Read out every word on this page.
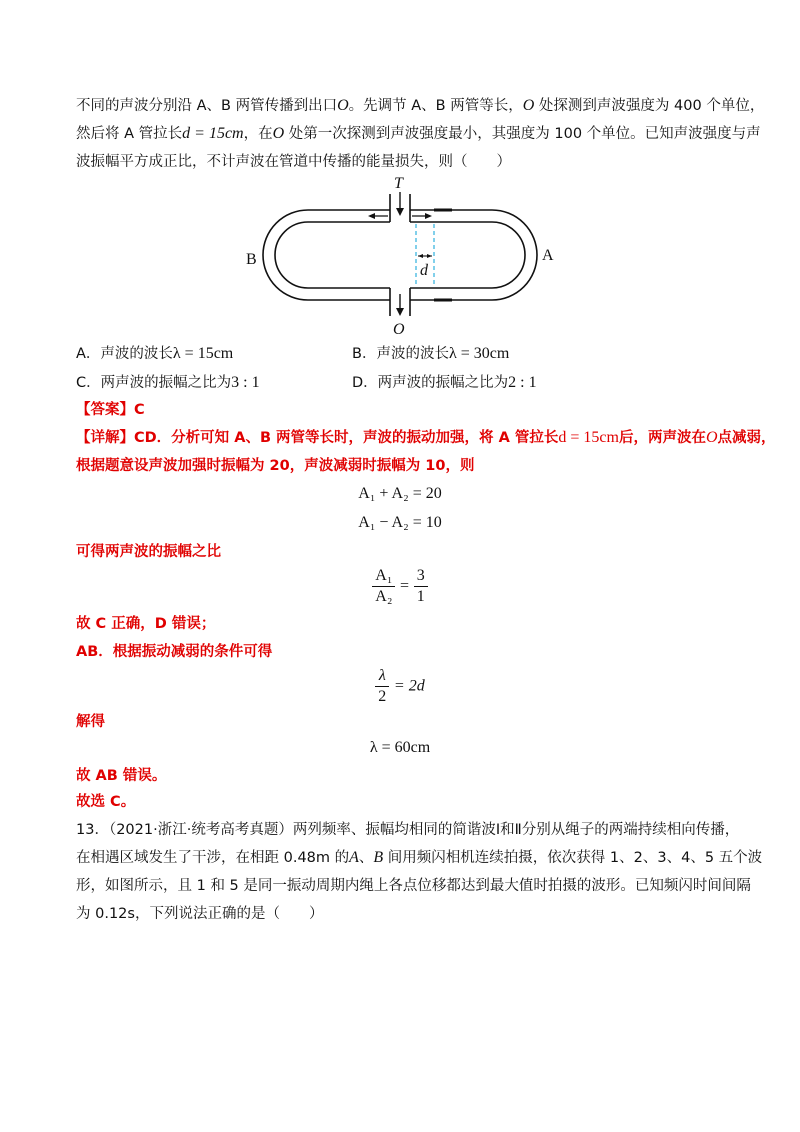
不同的声波分别沿 A、B 两管传播到出口O。先调节 A、B 两管等长，O 处探测到声波强度为 400 个单位，
然后将 A 管拉长d = 15cm，在O 处第一次探测到声波强度最小，其强度为 100 个单位。已知声波强度与声
波振幅平方成正比，不计声波在管道中传播的能量损失，则（　　）
T
O
A
B
d
A．声波的波长λ = 15cm	B．声波的波长λ = 30cm
C．两声波的振幅之比为3 : 1	D．两声波的振幅之比为2 : 1
【答案】C
【详解】CD．分析可知 A、B 两管等长时，声波的振动加强，将 A 管拉长d = 15cm后，两声波在O点减弱，
根据题意设声波加强时振幅为 20，声波减弱时振幅为 10，则
A₁ + A₂ = 20
A₁ − A₂ = 10
可得两声波的振幅之比
$\frac{\text{A₁}}{\text{A₂}} = \frac{3}{1}$
故 C 正确，D 错误；
AB．根据振动减弱的条件可得
$\frac{\lambda}{2} = 2d$
解得
λ = 60cm
故 AB 错误。
故选 C。
13．（2021·浙江·统考高考真题）两列频率、振幅均相同的简谐波Ⅰ和Ⅱ分别从绳子的两端持续相向传播，
在相遇区域发生了干涉，在相距 0.48m 的A、B 间用频闪相机连续拍摄，依次获得 1、2、3、4、5 五个波
形，如图所示，且 1 和 5 是同一振动周期内绳上各点位移都达到最大值时拍摄的波形。已知频闪时间间隔
为 0.12s，下列说法正确的是（　　）
